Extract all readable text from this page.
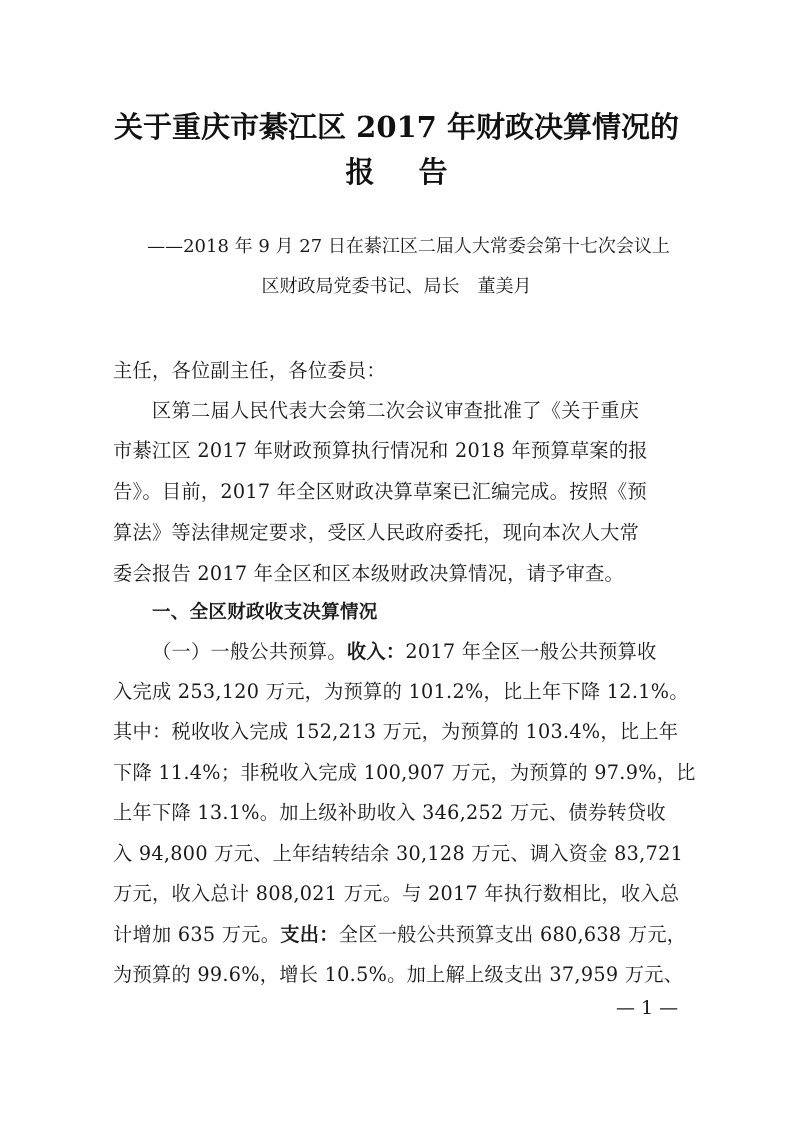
关于重庆市綦江区 2017 年财政决算情况的
报告
——2018 年 9 月 27 日在綦江区二届人大常委会第十七次会议上
区财政局党委书记、局长　董美月
主任，各位副主任，各位委员：
区第二届人民代表大会第二次会议审查批准了《关于重庆
市綦江区 2017 年财政预算执行情况和 2018 年预算草案的报
告》。目前，2017 年全区财政决算草案已汇编完成。按照《预
算法》等法律规定要求，受区人民政府委托，现向本次人大常
委会报告 2017 年全区和区本级财政决算情况，请予审查。
一、全区财政收支决算情况
（一）一般公共预算。收入：2017 年全区一般公共预算收
入完成 253,120 万元，为预算的 101.2%，比上年下降 12.1%。
其中：税收收入完成 152,213 万元，为预算的 103.4%，比上年
下降 11.4%；非税收入完成 100,907 万元，为预算的 97.9%，比
上年下降 13.1%。加上级补助收入 346,252 万元、债券转贷收
入 94,800 万元、上年结转结余 30,128 万元、调入资金 83,721
万元，收入总计 808,021 万元。与 2017 年执行数相比，收入总
计增加 635 万元。支出：全区一般公共预算支出 680,638 万元，
为预算的 99.6%，增长 10.5%。加上解上级支出 37,959 万元、
— 1 —
